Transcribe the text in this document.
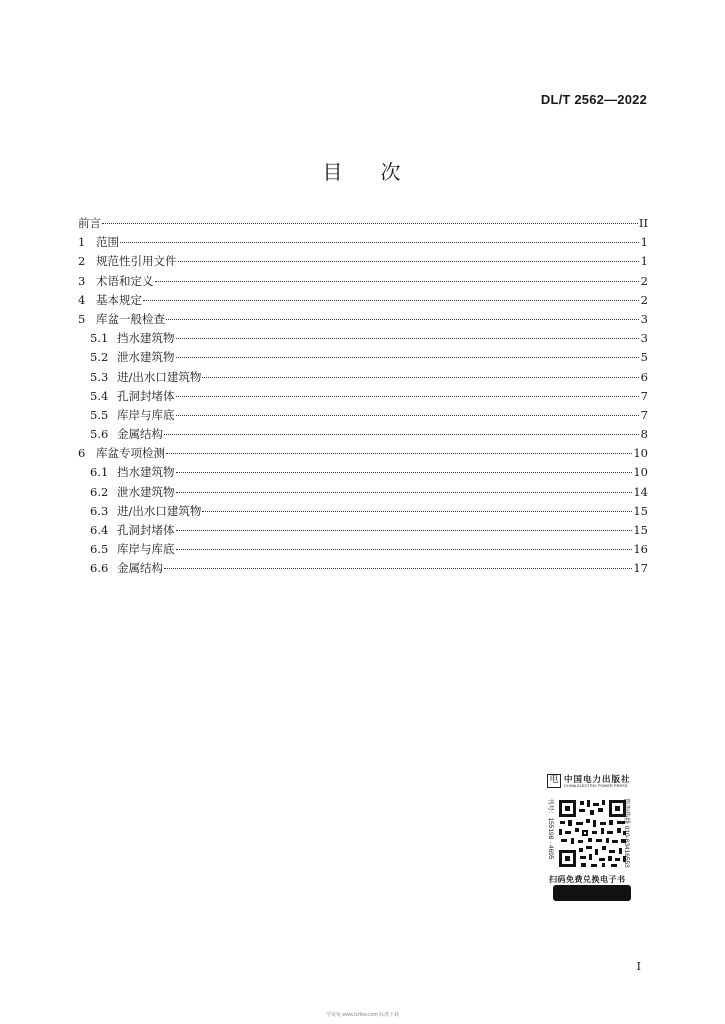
DL/T 2562—2022
目 次
前言	II
1 范围	1
2 规范性引用文件	1
3 术语和定义	2
4 基本规定	2
5 库盆一般检查	3
5.1 挡水建筑物	3
5.2 泄水建筑物	5
5.3 进/出水口建筑物	6
5.4 孔洞封堵体	7
5.5 库岸与库底	7
5.6 金属结构	8
6 库盆专项检测	10
6.1 挡水建筑物	10
6.2 泄水建筑物	14
6.3 进/出水口建筑物	15
6.4 孔洞封堵体	15
6.5 库岸与库底	16
6.6 金属结构	17
电 中国电力出版社
CHINA ELECTRIC POWER PRESS
书号：155198 · 4695	咨询热线 010-63416553
扫码免费兑换电子书
I
学兔兔 www.bzfxw.com 标准下载
